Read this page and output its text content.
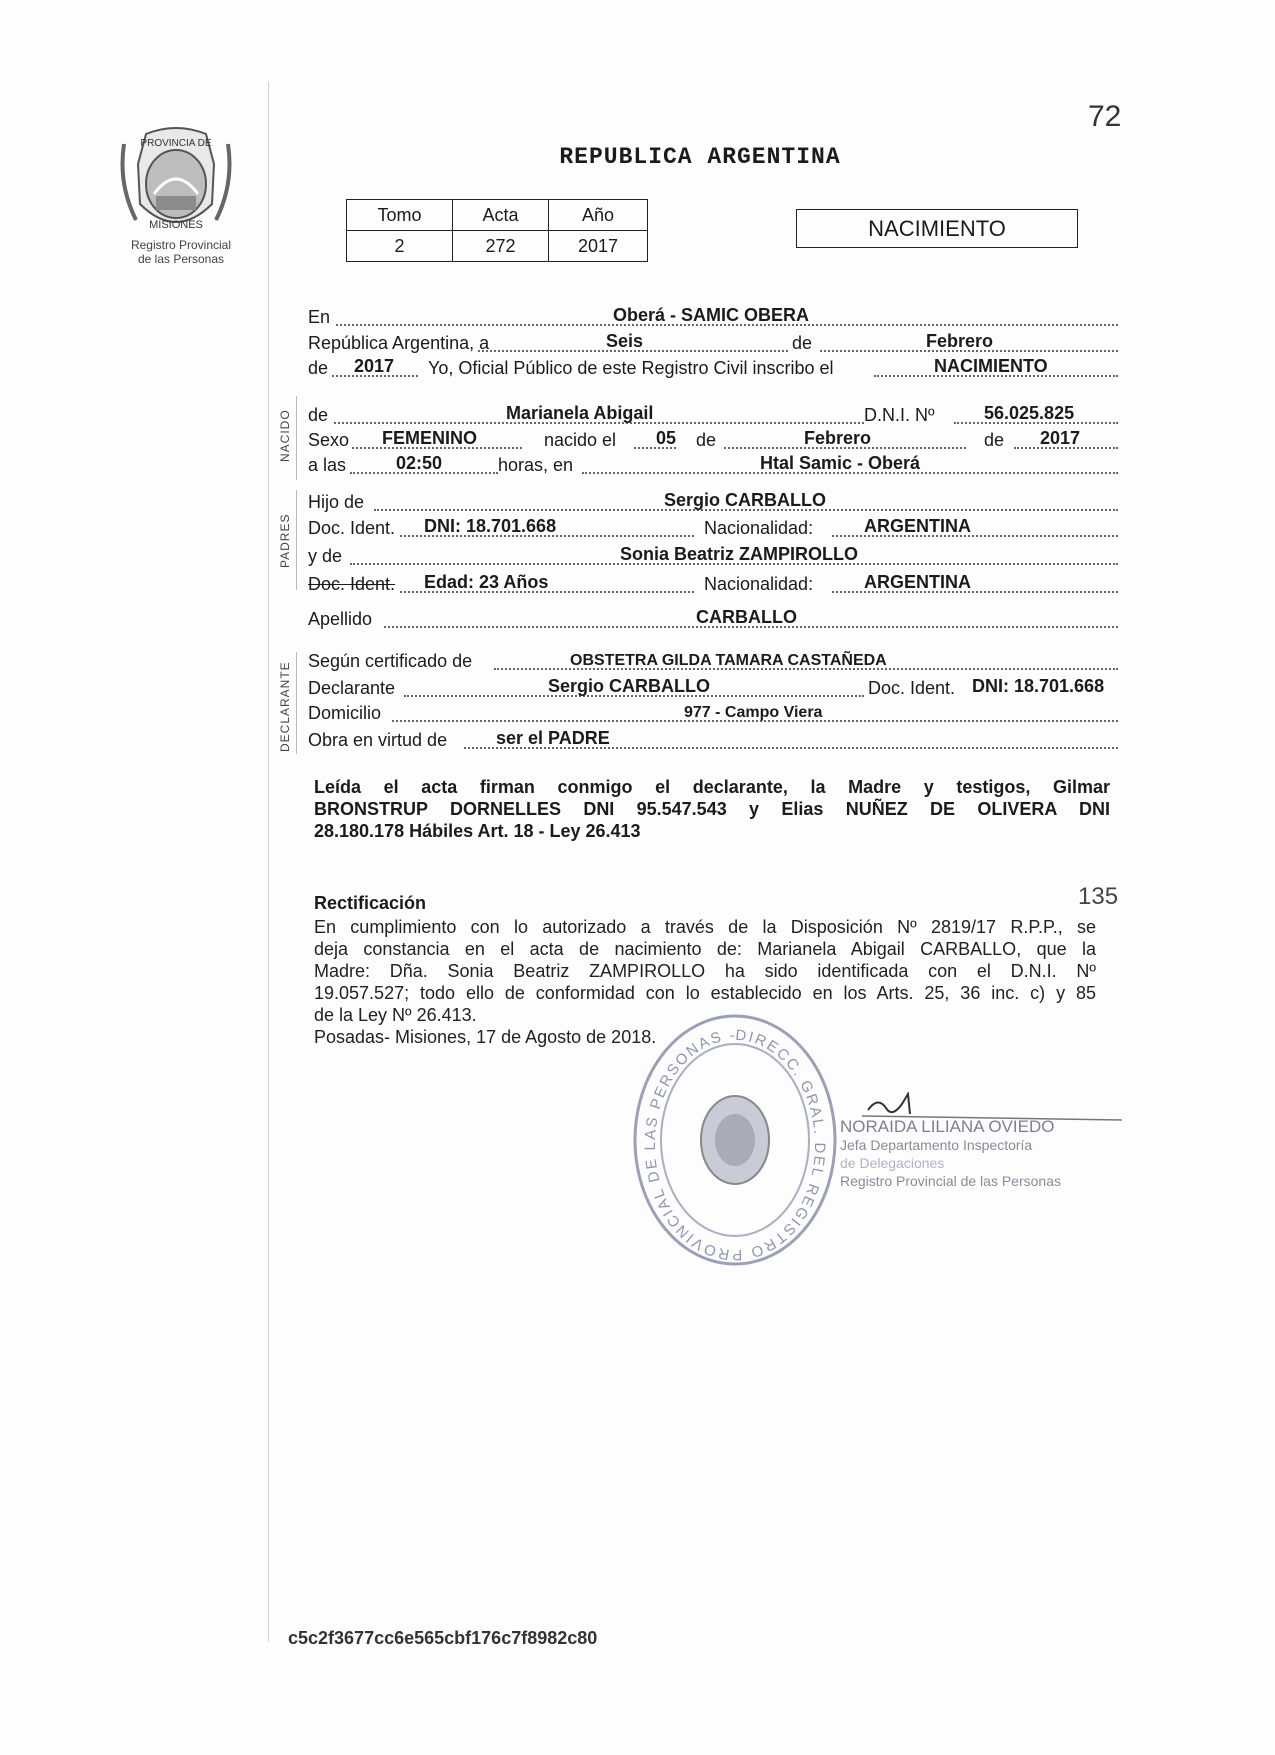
72
PROVINCIA DE
MISIONES
Registro Provincial
de las Personas
REPUBLICA ARGENTINA
Tomo	Acta	Año
2	272	2017
NACIMIENTO
En	Oberá - SAMIC OBERA
República Argentina, a	Seis	de	Febrero
de 2017 Yo, Oficial Público de este Registro Civil inscribo el	NACIMIENTO
de	Marianela Abigail	D.N.I. Nº	56.025.825
Sexo FEMENINO	nacido el 05 de	Febrero	de 2017
a las	02:50	horas, en	Htal Samic - Oberá
Hijo de	Sergio CARBALLO
Doc. Ident. DNI: 18.701.668	Nacionalidad:	ARGENTINA
y de	Sonia Beatriz ZAMPIROLLO
Doc. Ident. Edad: 23 Años	Nacionalidad:	ARGENTINA
Apellido	CARBALLO
Según certificado de	OBSTETRA GILDA TAMARA CASTAÑEDA
Declarante	Sergio CARBALLO	Doc. Ident. DNI: 18.701.668
Domicilio	977 - Campo Viera
Obra en virtud de	ser el PADRE
NACIDO
PADRES
DECLARANTE
Leída el acta firman conmigo el declarante, la Madre y testigos, Gilmar
BRONSTRUP DORNELLES DNI 95.547.543 y Elias NUÑEZ DE OLIVERA DNI
28.180.178 Hábiles Art. 18 - Ley 26.413
Rectificación	135
En cumplimiento con lo autorizado a través de la Disposición Nº 2819/17 R.P.P., se
deja constancia en el acta de nacimiento de: Marianela Abigail CARBALLO, que la
Madre: Dña. Sonia Beatriz ZAMPIROLLO ha sido identificada con el D.N.I. Nº
19.057.527; todo ello de conformidad con lo establecido en los Arts. 25, 36 inc. c) y 85
de la Ley Nº 26.413.
Posadas- Misiones, 17 de Agosto de 2018.	DIRECC. GRAL. DEL REGISTRO PROVINCIAL DE LAS PERSONAS -
NORAIDA LILIANA OVIEDO
Jefa Departamento Inspectoría
de Delegaciones
Registro Provincial de las Personas
c5c2f3677cc6e565cbf176c7f8982c80
